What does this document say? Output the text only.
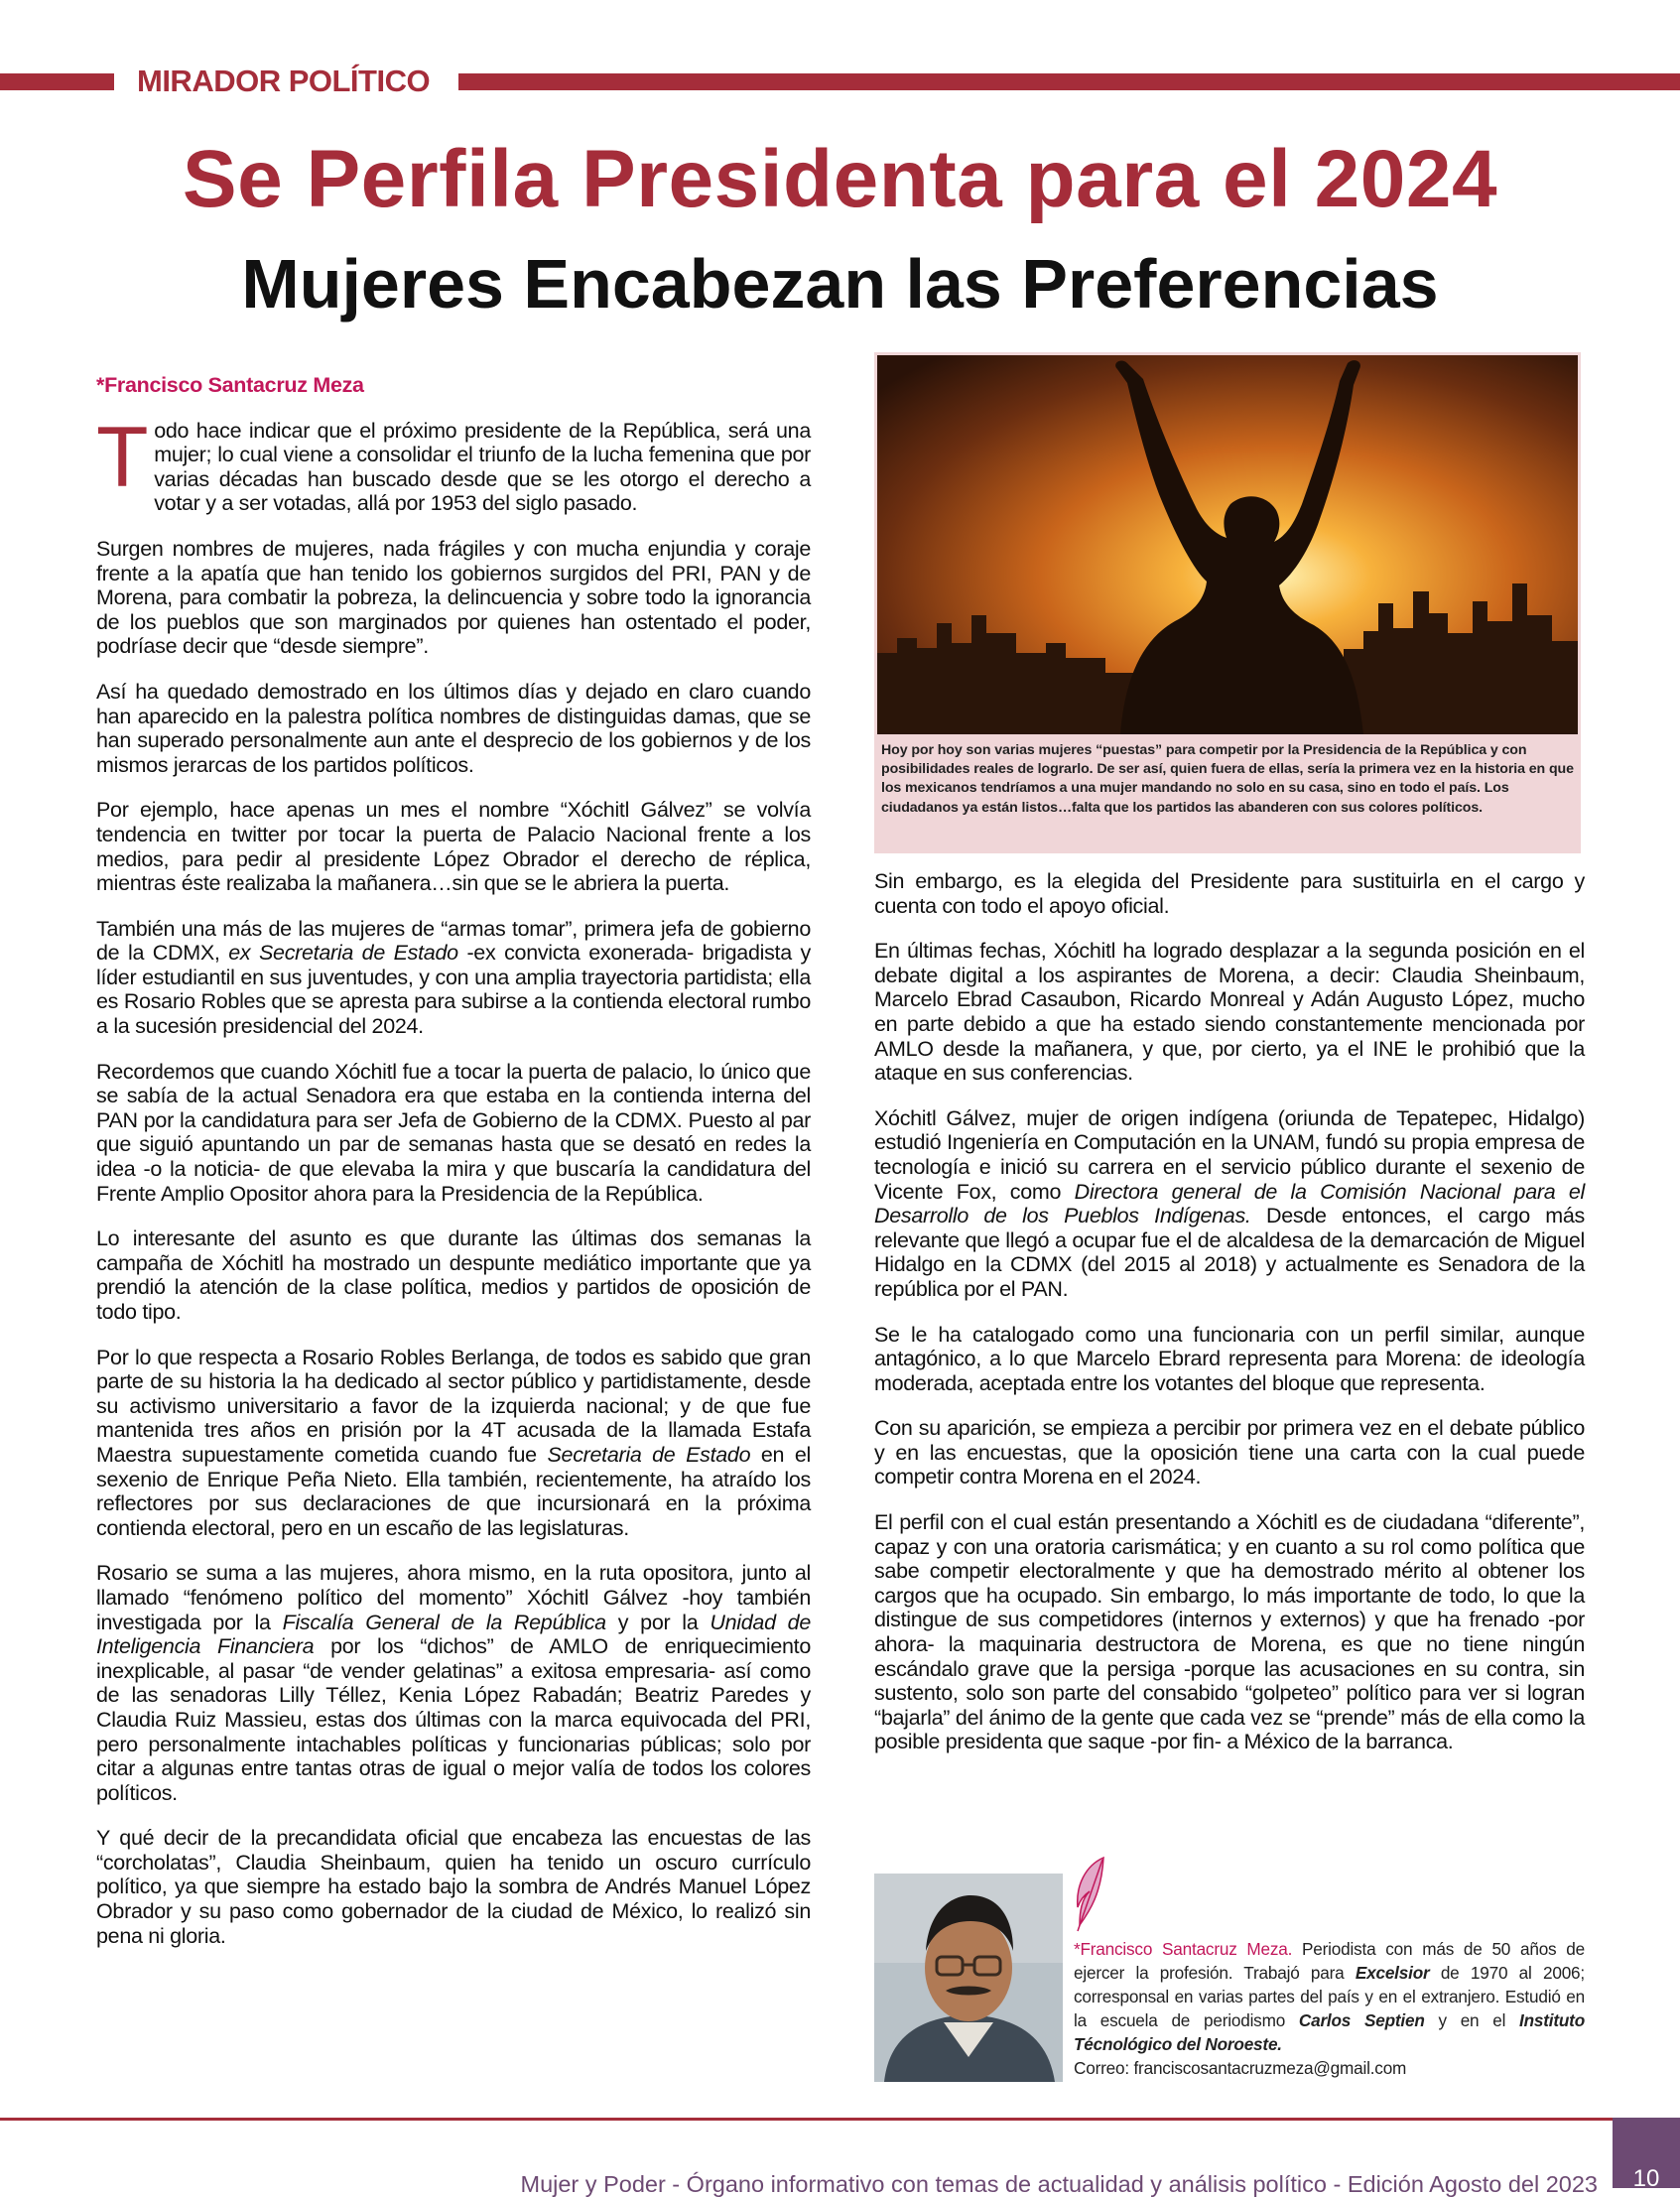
MIRADOR POLÍTICO
Se Perfila Presidenta para el 2024
Mujeres Encabezan las Preferencias

*Francisco Santacruz Meza

Todo hace indicar que el próximo presidente de la República, será una mujer; lo cual viene a consolidar el triunfo de la lucha femenina que por varias décadas han buscado desde que se les otorgo el derecho a votar y a ser votadas, allá por 1953 del siglo pasado.

Surgen nombres de mujeres, nada frágiles y con mucha enjundia y coraje frente a la apatía que han tenido los gobiernos surgidos del PRI, PAN y de Morena, para combatir la pobreza, la delincuencia y sobre todo la ignorancia de los pueblos que son marginados por quienes han ostentado el poder, podríase decir que “desde siempre”.

Así ha quedado demostrado en los últimos días y dejado en claro cuando han aparecido en la palestra política nombres de distinguidas damas, que se han superado personalmente aun ante el desprecio de los gobiernos y de los mismos jerarcas de los partidos políticos.

Por ejemplo, hace apenas un mes el nombre “Xóchitl Gálvez” se volvía tendencia en twitter por tocar la puerta de Palacio Nacional frente a los medios, para pedir al presidente López Obrador el derecho de réplica, mientras éste realizaba la mañanera…sin que se le abriera la puerta.

También una más de las mujeres de “armas tomar”, primera jefa de gobierno de la CDMX, ex Secretaria de Estado -ex convicta exonerada- brigadista y líder estudiantil en sus juventudes, y con una amplia trayectoria partidista; ella es Rosario Robles que se apresta para subirse a la contienda electoral rumbo a la sucesión presidencial del 2024.

Recordemos que cuando Xóchitl fue a tocar la puerta de palacio, lo único que se sabía de la actual Senadora era que estaba en la contienda interna del PAN por la candidatura para ser Jefa de Gobierno de la CDMX. Puesto al par que siguió apuntando un par de semanas hasta que se desató en redes la idea -o la noticia- de que elevaba la mira y que buscaría la candidatura del Frente Amplio Opositor ahora para la Presidencia de la República.

Lo interesante del asunto es que durante las últimas dos semanas la campaña de Xóchitl ha mostrado un despunte mediático importante que ya prendió la atención de la clase política, medios y partidos de oposición de todo tipo.

Por lo que respecta a Rosario Robles Berlanga, de todos es sabido que gran parte de su historia la ha dedicado al sector público y partidistamente, desde su activismo universitario a favor de la izquierda nacional; y de que fue mantenida tres años en prisión por la 4T acusada de la llamada Estafa Maestra supuestamente cometida cuando fue Secretaria de Estado en el sexenio de Enrique Peña Nieto. Ella también, recientemente, ha atraído los reflectores por sus declaraciones de que incursionará en la próxima contienda electoral, pero en un escaño de las legislaturas.

Rosario se suma a las mujeres, ahora mismo, en la ruta opositora, junto al llamado “fenómeno político del momento” Xóchitl Gálvez -hoy también investigada por la Fiscalía General de la República y por la Unidad de Inteligencia Financiera por los “dichos” de AMLO de enriquecimiento inexplicable, al pasar “de vender gelatinas” a exitosa empresaria- así como de las senadoras Lilly Téllez, Kenia López Rabadán; Beatriz Paredes y Claudia Ruiz Massieu, estas dos últimas con la marca equivocada del PRI, pero personalmente intachables políticas y funcionarias públicas; solo por citar a algunas entre tantas otras de igual o mejor valía de todos los colores políticos.

Y qué decir de la precandidata oficial que encabeza las encuestas de las “corcholatas”, Claudia Sheinbaum, quien ha tenido un oscuro currículo político, ya que siempre ha estado bajo la sombra de Andrés Manuel López Obrador y su paso como gobernador de la ciudad de México, lo realizó sin pena ni gloria.

Hoy por hoy son varias mujeres “puestas” para competir por la Presidencia de la República y con posibilidades reales de lograrlo. De ser así, quien fuera de ellas, sería la primera vez en la historia en que los mexicanos tendríamos a una mujer mandando no solo en su casa, sino en todo el país. Los ciudadanos ya están listos…falta que los partidos las abanderen con sus colores políticos.

Sin embargo, es la elegida del Presidente para sustituirla en el cargo y cuenta con todo el apoyo oficial.

En últimas fechas, Xóchitl ha logrado desplazar a la segunda posición en el debate digital a los aspirantes de Morena, a decir: Claudia Sheinbaum, Marcelo Ebrad Casaubon, Ricardo Monreal y Adán Augusto López, mucho en parte debido a que ha estado siendo constantemente mencionada por AMLO desde la mañanera, y que, por cierto, ya el INE le prohibió que la ataque en sus conferencias.

Xóchitl Gálvez, mujer de origen indígena (oriunda de Tepatepec, Hidalgo) estudió Ingeniería en Computación en la UNAM, fundó su propia empresa de tecnología e inició su carrera en el servicio público durante el sexenio de Vicente Fox, como Directora general de la Comisión Nacional para el Desarrollo de los Pueblos Indígenas. Desde entonces, el cargo más relevante que llegó a ocupar fue el de alcaldesa de la demarcación de Miguel Hidalgo en la CDMX (del 2015 al 2018) y actualmente es Senadora de la república por el PAN.

Se le ha catalogado como una funcionaria con un perfil similar, aunque antagónico, a lo que Marcelo Ebrard representa para Morena: de ideología moderada, aceptada entre los votantes del bloque que representa.

Con su aparición, se empieza a percibir por primera vez en el debate público y en las encuestas, que la oposición tiene una carta con la cual puede competir contra Morena en el 2024.

El perfil con el cual están presentando a Xóchitl es de ciudadana “diferente”, capaz y con una oratoria carismática; y en cuanto a su rol como política que sabe competir electoralmente y que ha demostrado mérito al obtener los cargos que ha ocupado. Sin embargo, lo más importante de todo, lo que la distingue de sus competidores (internos y externos) y que ha frenado -por ahora- la maquinaria destructora de Morena, es que no tiene ningún escándalo grave que la persiga -porque las acusaciones en su contra, sin sustento, solo son parte del consabido “golpeteo” político para ver si logran “bajarla” del ánimo de la gente que cada vez se “prende” más de ella como la posible presidenta que saque -por fin- a México de la barranca.

*Francisco Santacruz Meza. Periodista con más de 50 años de ejercer la profesión. Trabajó para Excelsior de 1970 al 2006; corresponsal en varias partes del país y en el extranjero. Estudió en la escuela de periodismo Carlos Septien y en el Instituto Técnológico del Noroeste.
Correo: franciscosantacruzmeza@gmail.com
Mujer y Poder - Órgano informativo con temas de actualidad y análisis político - Edición Agosto del 2023	10
